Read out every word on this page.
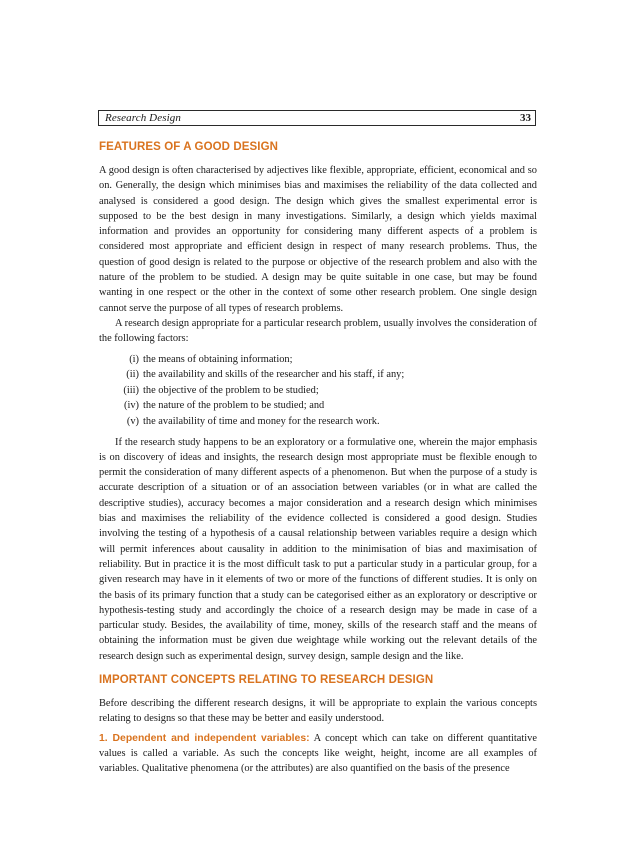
Research Design	33
FEATURES OF A GOOD DESIGN

A good design is often characterised by adjectives like flexible, appropriate, efficient, economical and so on. Generally, the design which minimises bias and maximises the reliability of the data collected and analysed is considered a good design. The design which gives the smallest experimental error is supposed to be the best design in many investigations. Similarly, a design which yields maximal information and provides an opportunity for considering many different aspects of a problem is considered most appropriate and efficient design in respect of many research problems. Thus, the question of good design is related to the purpose or objective of the research problem and also with the nature of the problem to be studied. A design may be quite suitable in one case, but may be found wanting in one respect or the other in the context of some other research problem. One single design cannot serve the purpose of all types of research problems.

A research design appropriate for a particular research problem, usually involves the consideration of the following factors:

(i) the means of obtaining information;
(ii) the availability and skills of the researcher and his staff, if any;
(iii) the objective of the problem to be studied;
(iv) the nature of the problem to be studied; and
(v) the availability of time and money for the research work.

If the research study happens to be an exploratory or a formulative one, wherein the major emphasis is on discovery of ideas and insights, the research design most appropriate must be flexible enough to permit the consideration of many different aspects of a phenomenon. But when the purpose of a study is accurate description of a situation or of an association between variables (or in what are called the descriptive studies), accuracy becomes a major consideration and a research design which minimises bias and maximises the reliability of the evidence collected is considered a good design. Studies involving the testing of a hypothesis of a causal relationship between variables require a design which will permit inferences about causality in addition to the minimisation of bias and maximisation of reliability. But in practice it is the most difficult task to put a particular study in a particular group, for a given research may have in it elements of two or more of the functions of different studies. It is only on the basis of its primary function that a study can be categorised either as an exploratory or descriptive or hypothesis-testing study and accordingly the choice of a research design may be made in case of a particular study. Besides, the availability of time, money, skills of the research staff and the means of obtaining the information must be given due weightage while working out the relevant details of the research design such as experimental design, survey design, sample design and the like.

IMPORTANT CONCEPTS RELATING TO RESEARCH DESIGN

Before describing the different research designs, it will be appropriate to explain the various concepts relating to designs so that these may be better and easily understood.

1. Dependent and independent variables: A concept which can take on different quantitative values is called a variable. As such the concepts like weight, height, income are all examples of variables. Qualitative phenomena (or the attributes) are also quantified on the basis of the presence
